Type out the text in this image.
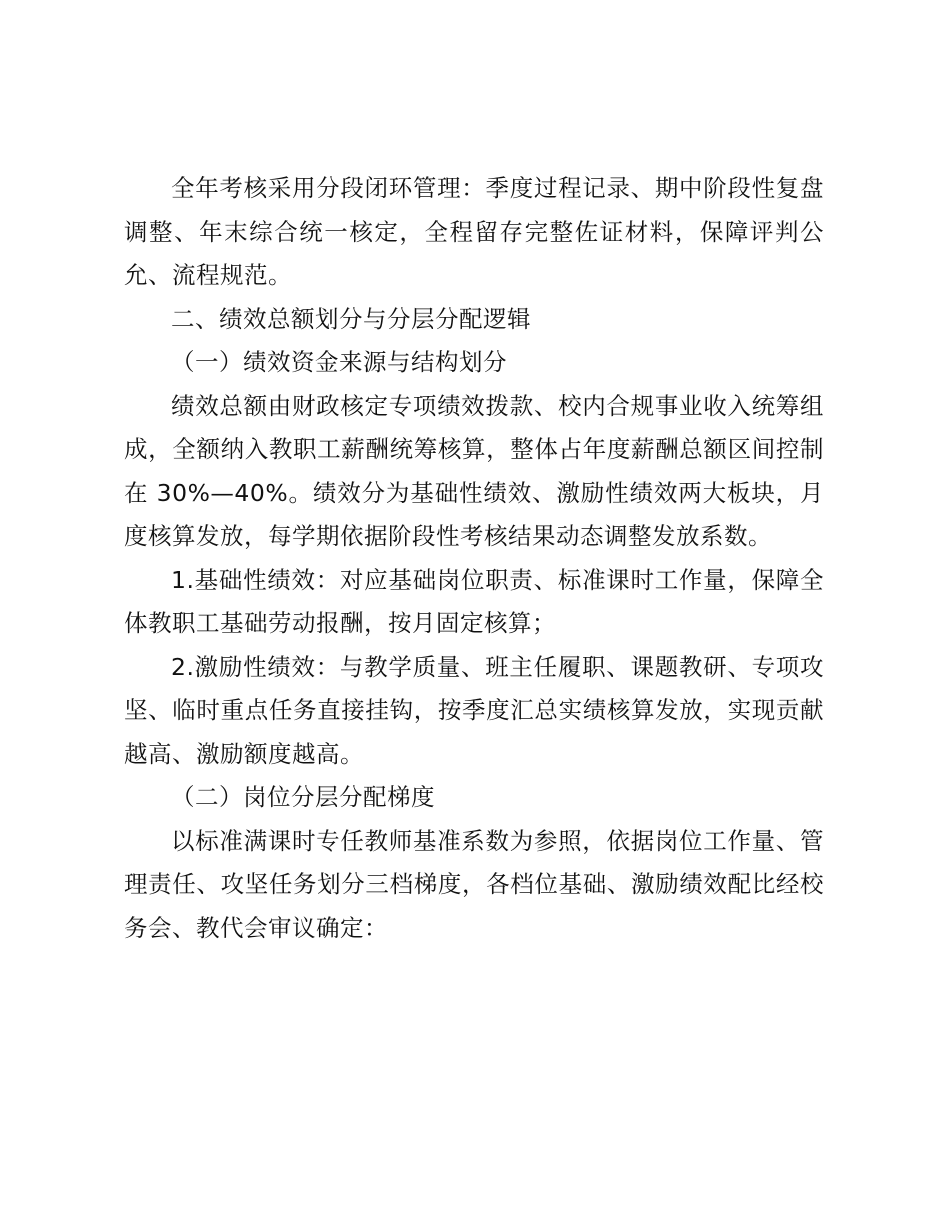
全年考核采用分段闭环管理：季度过程记录、期中阶段性复盘调整、年末综合统一核定，全程留存完整佐证材料，保障评判公允、流程规范。

二、绩效总额划分与分层分配逻辑

（一）绩效资金来源与结构划分

绩效总额由财政核定专项绩效拨款、校内合规事业收入统筹组成，全额纳入教职工薪酬统筹核算，整体占年度薪酬总额区间控制在 30%—40%。绩效分为基础性绩效、激励性绩效两大板块，月度核算发放，每学期依据阶段性考核结果动态调整发放系数。

1.基础性绩效：对应基础岗位职责、标准课时工作量，保障全体教职工基础劳动报酬，按月固定核算；

2.激励性绩效：与教学质量、班主任履职、课题教研、专项攻坚、临时重点任务直接挂钩，按季度汇总实绩核算发放，实现贡献越高、激励额度越高。

（二）岗位分层分配梯度

以标准满课时专任教师基准系数为参照，依据岗位工作量、管理责任、攻坚任务划分三档梯度，各档位基础、激励绩效配比经校务会、教代会审议确定：
